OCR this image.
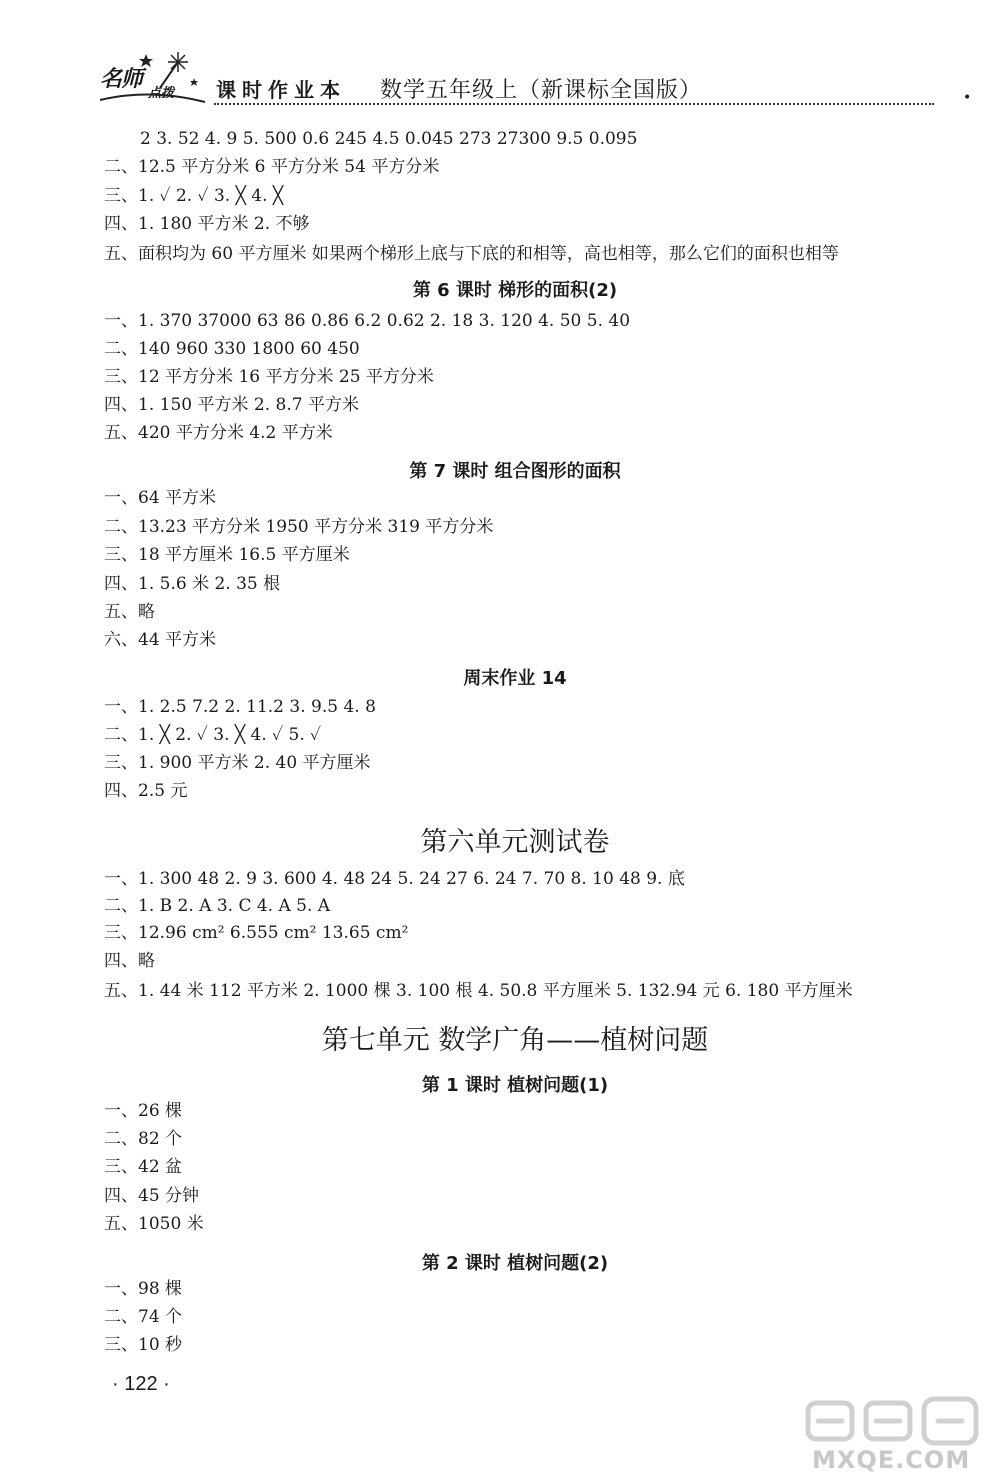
名师
点拨 课时作业本 数学五年级上（新课标全国版）	•
2 3. 52 4. 9 5. 500 0.6 245 4.5 0.045 273 27300 9.5 0.095
二、12.5 平方分米 6 平方分米 54 平方分米
三、1. ✓ 2. ✓ 3. ╳ 4. ╳
四、1. 180 平方米 2. 不够
五、面积均为 60 平方厘米 如果两个梯形上底与下底的和相等，高也相等，那么它们的面积也相等
第 6 课时 梯形的面积(2)
一、1. 370 37000 63 86 0.86 6.2 0.62 2. 18 3. 120 4. 50 5. 40
二、140 960 330 1800 60 450
三、12 平方分米 16 平方分米 25 平方分米
四、1. 150 平方米 2. 8.7 平方米
五、420 平方分米 4.2 平方米
第 7 课时 组合图形的面积
一、64 平方米
二、13.23 平方分米 1950 平方分米 319 平方分米
三、18 平方厘米 16.5 平方厘米
四、1. 5.6 米 2. 35 根
五、略
六、44 平方米
周末作业 14
一、1. 2.5 7.2 2. 11.2 3. 9.5 4. 8
二、1. ╳ 2. ✓ 3. ╳ 4. ✓ 5. ✓
三、1. 900 平方米 2. 40 平方厘米
四、2.5 元
第六单元测试卷
一、1. 300 48 2. 9 3. 600 4. 48 24 5. 24 27 6. 24 7. 70 8. 10 48 9. 底
二、1. B 2. A 3. C 4. A 5. A
三、12.96 cm² 6.555 cm² 13.65 cm²
四、略
五、1. 44 米 112 平方米 2. 1000 棵 3. 100 根 4. 50.8 平方厘米 5. 132.94 元 6. 180 平方厘米
第七单元 数学广角——植树问题
第 1 课时 植树问题(1)
一、26 棵
二、82 个
三、42 盆
四、45 分钟
五、1050 米
第 2 课时 植树问题(2)
一、98 棵
二、74 个
三、10 秒
· 122 ·
MXQE.COM
